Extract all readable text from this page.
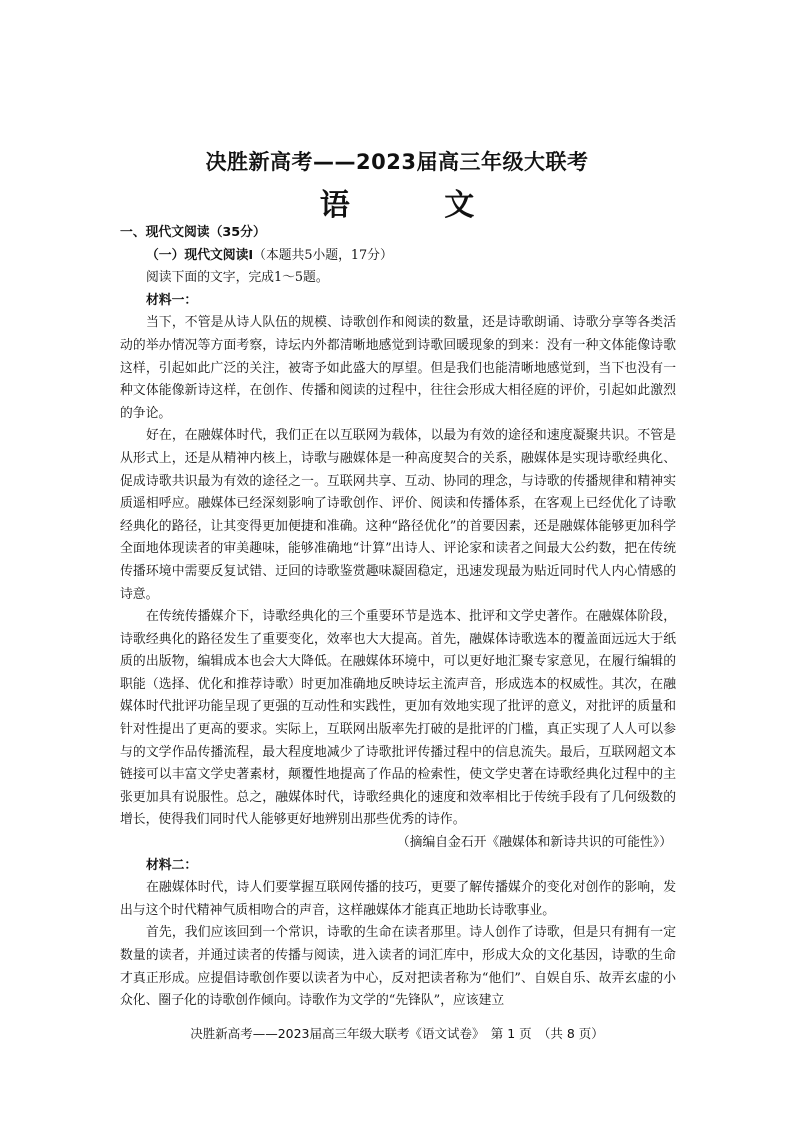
决胜新高考——2023届高三年级大联考
语 文
一、现代文阅读（35分）
（一）现代文阅读Ⅰ（本题共5小题，17分）
阅读下面的文字，完成1～5题。
材料一：

当下，不管是从诗人队伍的规模、诗歌创作和阅读的数量，还是诗歌朗诵、诗歌分享等各类活动的举办情况等方面考察，诗坛内外都清晰地感觉到诗歌回暖现象的到来：没有一种文体能像诗歌这样，引起如此广泛的关注，被寄予如此盛大的厚望。但是我们也能清晰地感觉到，当下也没有一种文体能像新诗这样，在创作、传播和阅读的过程中，往往会形成大相径庭的评价，引起如此激烈的争论。

好在，在融媒体时代，我们正在以互联网为载体，以最为有效的途径和速度凝聚共识。不管是从形式上，还是从精神内核上，诗歌与融媒体是一种高度契合的关系，融媒体是实现诗歌经典化、促成诗歌共识最为有效的途径之一。互联网共享、互动、协同的理念，与诗歌的传播规律和精神实质遥相呼应。融媒体已经深刻影响了诗歌创作、评价、阅读和传播体系，在客观上已经优化了诗歌经典化的路径，让其变得更加便捷和准确。这种“路径优化”的首要因素，还是融媒体能够更加科学全面地体现读者的审美趣味，能够准确地“计算”出诗人、评论家和读者之间最大公约数，把在传统传播环境中需要反复试错、迂回的诗歌鉴赏趣味凝固稳定，迅速发现最为贴近同时代人内心情感的诗意。

在传统传播媒介下，诗歌经典化的三个重要环节是选本、批评和文学史著作。在融媒体阶段，诗歌经典化的路径发生了重要变化，效率也大大提高。首先，融媒体诗歌选本的覆盖面远远大于纸质的出版物，编辑成本也会大大降低。在融媒体环境中，可以更好地汇聚专家意见，在履行编辑的职能（选择、优化和推荐诗歌）时更加准确地反映诗坛主流声音，形成选本的权威性。其次，在融媒体时代批评功能呈现了更强的互动性和实践性，更加有效地实现了批评的意义，对批评的质量和针对性提出了更高的要求。实际上，互联网出版率先打破的是批评的门槛，真正实现了人人可以参与的文学作品传播流程，最大程度地减少了诗歌批评传播过程中的信息流失。最后，互联网超文本链接可以丰富文学史著素材，颠覆性地提高了作品的检索性，使文学史著在诗歌经典化过程中的主张更加具有说服性。总之，融媒体时代，诗歌经典化的速度和效率相比于传统手段有了几何级数的增长，使得我们同时代人能够更好地辨别出那些优秀的诗作。

（摘编自金石开《融媒体和新诗共识的可能性》）
材料二：

在融媒体时代，诗人们要掌握互联网传播的技巧，更要了解传播媒介的变化对创作的影响，发出与这个时代精神气质相吻合的声音，这样融媒体才能真正地助长诗歌事业。

首先，我们应该回到一个常识，诗歌的生命在读者那里。诗人创作了诗歌，但是只有拥有一定数量的读者，并通过读者的传播与阅读，进入读者的词汇库中，形成大众的文化基因，诗歌的生命才真正形成。应提倡诗歌创作要以读者为中心，反对把读者称为“他们”、自娱自乐、故弄玄虚的小众化、圈子化的诗歌创作倾向。诗歌作为文学的“先锋队”，应该建立

决胜新高考——2023届高三年级大联考《语文试卷》　第 1 页　（共 8 页）
